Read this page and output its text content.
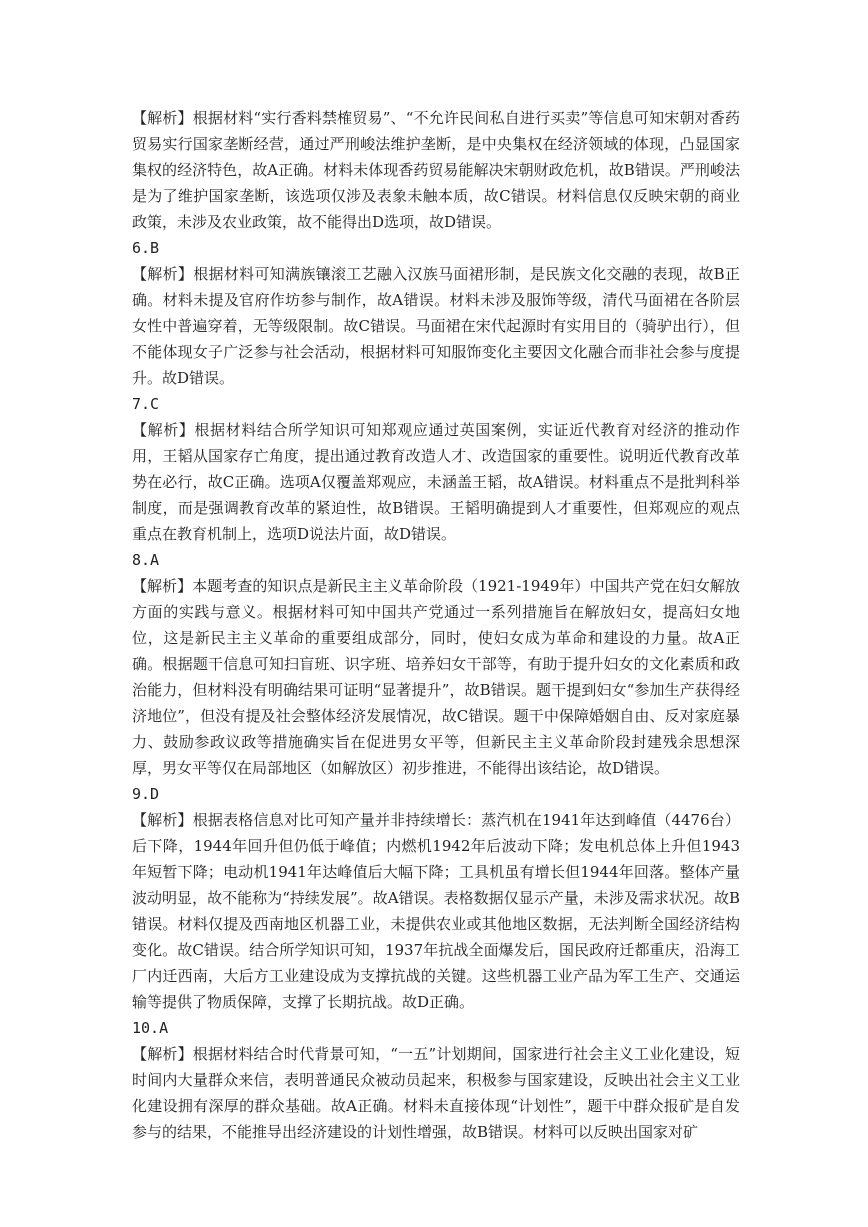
【解析】根据材料“实行香料禁榷贸易”、“不允许民间私自进行买卖”等信息可知宋朝对香药贸易实行国家垄断经营，通过严刑峻法维护垄断，是中央集权在经济领域的体现，凸显国家集权的经济特色，故A正确。材料未体现香药贸易能解决宋朝财政危机，故B错误。严刑峻法是为了维护国家垄断，该选项仅涉及表象未触本质，故C错误。材料信息仅反映宋朝的商业政策，未涉及农业政策，故不能得出D选项，故D错误。

6.B

【解析】根据材料可知满族镶滚工艺融入汉族马面裙形制，是民族文化交融的表现，故B正确。材料未提及官府作坊参与制作，故A错误。材料未涉及服饰等级，清代马面裙在各阶层女性中普遍穿着，无等级限制。故C错误。马面裙在宋代起源时有实用目的（骑驴出行），但不能体现女子广泛参与社会活动，根据材料可知服饰变化主要因文化融合而非社会参与度提升。故D错误。

7.C

【解析】根据材料结合所学知识可知郑观应通过英国案例，实证近代教育对经济的推动作用，王韬从国家存亡角度，提出通过教育改造人才、改造国家的重要性。说明近代教育改革势在必行，故C正确。选项A仅覆盖郑观应，未涵盖王韬，故A错误。材料重点不是批判科举制度，而是强调教育改革的紧迫性，故B错误。王韬明确提到人才重要性，但郑观应的观点重点在教育机制上，选项D说法片面，故D错误。

8.A

【解析】本题考查的知识点是新民主主义革命阶段（1921-1949年）中国共产党在妇女解放方面的实践与意义。根据材料可知中国共产党通过一系列措施旨在解放妇女，提高妇女地位，这是新民主主义革命的重要组成部分，同时，使妇女成为革命和建设的力量。故A正确。根据题干信息可知扫盲班、识字班、培养妇女干部等，有助于提升妇女的文化素质和政治能力，但材料没有明确结果可证明“显著提升”，故B错误。题干提到妇女“参加生产获得经济地位”，但没有提及社会整体经济发展情况，故C错误。题干中保障婚姻自由、反对家庭暴力、鼓励参政议政等措施确实旨在促进男女平等，但新民主主义革命阶段封建残余思想深厚，男女平等仅在局部地区（如解放区）初步推进，不能得出该结论，故D错误。

9.D

【解析】根据表格信息对比可知产量并非持续增长：蒸汽机在1941年达到峰值（4476台）后下降，1944年回升但仍低于峰值；内燃机1942年后波动下降；发电机总体上升但1943年短暂下降；电动机1941年达峰值后大幅下降；工具机虽有增长但1944年回落。整体产量波动明显，故不能称为“持续发展”。故A错误。表格数据仅显示产量，未涉及需求状况。故B错误。材料仅提及西南地区机器工业，未提供农业或其他地区数据，无法判断全国经济结构变化。故C错误。结合所学知识可知，1937年抗战全面爆发后，国民政府迁都重庆，沿海工厂内迁西南，大后方工业建设成为支撑抗战的关键。这些机器工业产品为军工生产、交通运输等提供了物质保障，支撑了长期抗战。故D正确。

10.A

【解析】根据材料结合时代背景可知，“一五”计划期间，国家进行社会主义工业化建设，短时间内大量群众来信，表明普通民众被动员起来，积极参与国家建设，反映出社会主义工业化建设拥有深厚的群众基础。故A正确。材料未直接体现“计划性”，题干中群众报矿是自发参与的结果，不能推导出经济建设的计划性增强，故B错误。材料可以反映出国家对矿
